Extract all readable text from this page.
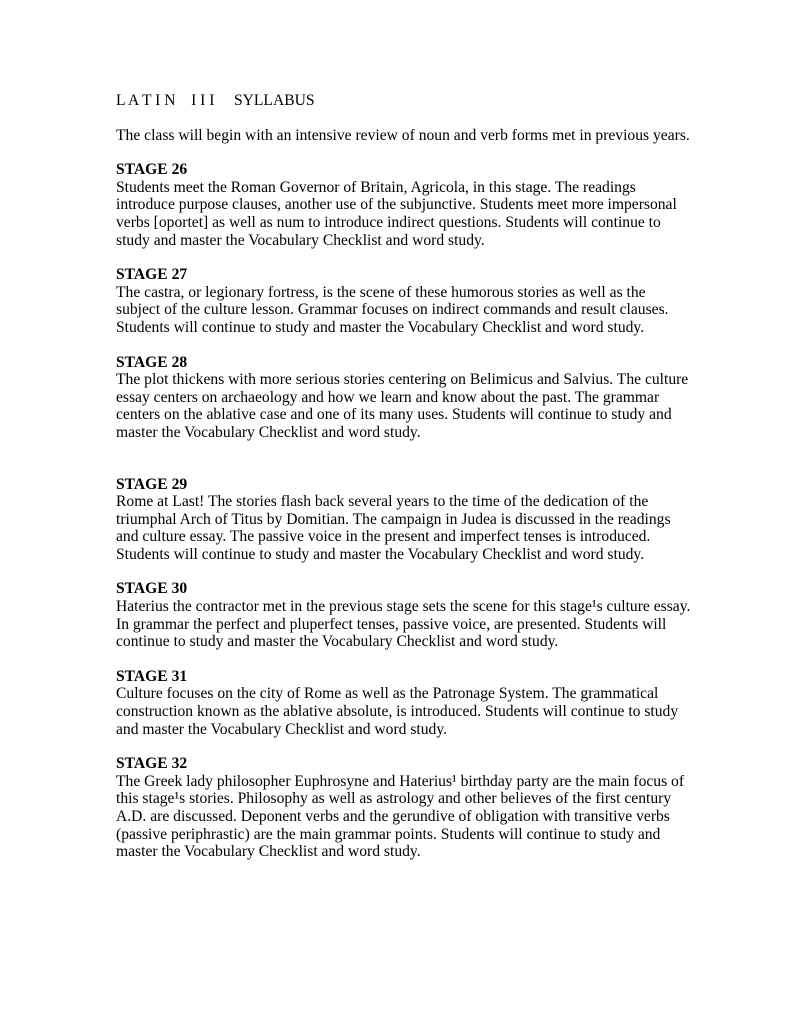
L A T I N    I I I     SYLLABUS
The class will begin with an intensive review of noun and verb forms met in previous years.
STAGE 26
Students meet the Roman Governor of Britain, Agricola, in this stage. The readings introduce purpose clauses, another use of the subjunctive. Students meet more impersonal verbs [oportet] as well as num to introduce indirect questions. Students will continue to study and master the Vocabulary Checklist and word study.
STAGE 27
The castra, or legionary fortress, is the scene of these humorous stories as well as the subject of the culture lesson. Grammar focuses on indirect commands and result clauses. Students will continue to study and master the Vocabulary Checklist and word study.
STAGE 28
The plot thickens with more serious stories centering on Belimicus and Salvius. The culture essay centers on archaeology and how we learn and know about the past. The grammar centers on the ablative case and one of its many uses. Students will continue to study and master the Vocabulary Checklist and word study.
STAGE 29
Rome at Last! The stories flash back several years to the time of the dedication of the triumphal Arch of Titus by Domitian. The campaign in Judea is discussed in the readings and culture essay. The passive voice in the present and imperfect tenses is introduced. Students will continue to study and master the Vocabulary Checklist and word study.
STAGE 30
Haterius the contractor met in the previous stage sets the scene for this stage¹s culture essay. In grammar the perfect and pluperfect tenses, passive voice, are presented. Students will continue to study and master the Vocabulary Checklist and word study.
STAGE 31
Culture focuses on the city of Rome as well as the Patronage System. The grammatical construction known as the ablative absolute, is introduced. Students will continue to study and master the Vocabulary Checklist and word study.
STAGE 32
The Greek lady philosopher Euphrosyne and Haterius¹ birthday party are the main focus of this stage¹s stories. Philosophy as well as astrology and other believes of the first century A.D. are discussed. Deponent verbs and the gerundive of obligation with transitive verbs (passive periphrastic) are the main grammar points. Students will continue to study and master the Vocabulary Checklist and word study.
